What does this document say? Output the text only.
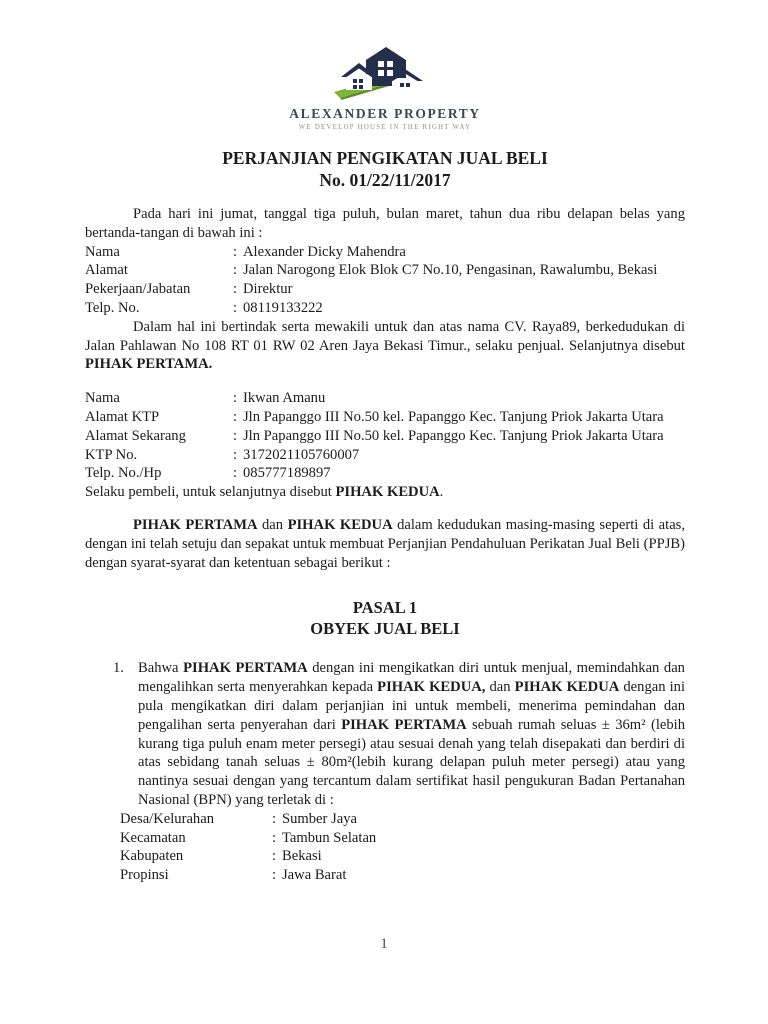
ALEXANDER PROPERTY
WE DEVELOP HOUSE IN THE RIGHT WAY
PERJANJIAN PENGIKATAN JUAL BELI
No. 01/22/11/2017

Pada hari ini jumat, tanggal tiga puluh, bulan maret, tahun dua ribu delapan belas yang bertanda-tangan di bawah ini :

Nama	: Alexander Dicky Mahendra
Alamat	: Jalan Narogong Elok Blok C7 No.10, Pengasinan, Rawalumbu, Bekasi
Pekerjaan/Jabatan	: Direktur
Telp. No.	: 08119133222

Dalam hal ini bertindak serta mewakili untuk dan atas nama CV. Raya89, berkedudukan di Jalan Pahlawan No 108 RT 01 RW 02 Aren Jaya Bekasi Timur., selaku penjual. Selanjutnya disebut PIHAK PERTAMA.

Nama	: Ikwan Amanu
Alamat KTP	: Jln Papanggo III No.50 kel. Papanggo Kec. Tanjung Priok Jakarta Utara
Alamat Sekarang	: Jln Papanggo III No.50 kel. Papanggo Kec. Tanjung Priok Jakarta Utara
KTP No.	: 3172021105760007
Telp. No./Hp	: 085777189897

Selaku pembeli, untuk selanjutnya disebut PIHAK KEDUA.

PIHAK PERTAMA dan PIHAK KEDUA dalam kedudukan masing-masing seperti di atas, dengan ini telah setuju dan sepakat untuk membuat Perjanjian Pendahuluan Perikatan Jual Beli (PPJB) dengan syarat-syarat dan ketentuan sebagai berikut :

PASAL 1
OBYEK JUAL BELI
1. Bahwa PIHAK PERTAMA dengan ini mengikatkan diri untuk menjual, memindahkan dan mengalihkan serta menyerahkan kepada PIHAK KEDUA, dan PIHAK KEDUA dengan ini pula mengikatkan diri dalam perjanjian ini untuk membeli, menerima pemindahan dan pengalihan serta penyerahan dari PIHAK PERTAMA sebuah rumah seluas ± 36m² (lebih kurang tiga puluh enam meter persegi) atau sesuai denah yang telah disepakati dan berdiri di atas sebidang tanah seluas ± 80m²(lebih kurang delapan puluh meter persegi) atau yang nantinya sesuai dengan yang tercantum dalam sertifikat hasil pengukuran Badan Pertanahan Nasional (BPN) yang terletak di :
Desa/Kelurahan	: Sumber Jaya
Kecamatan	: Tambun Selatan
Kabupaten	: Bekasi
Propinsi	: Jawa Barat
1
